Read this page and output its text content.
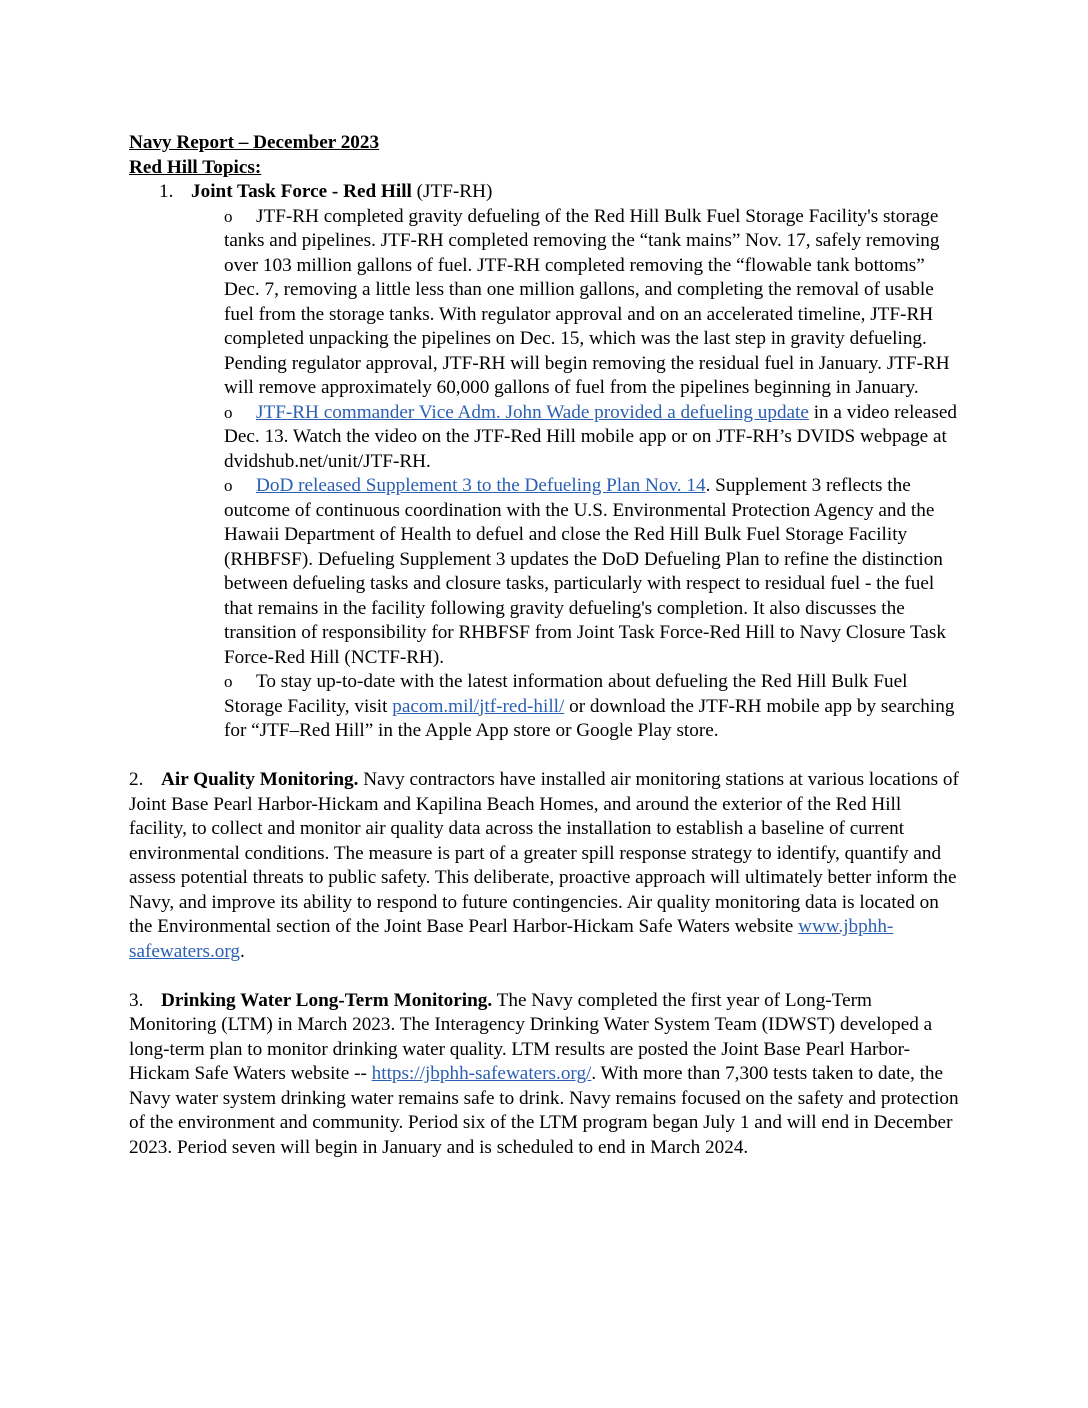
Navy Report – December 2023

Red Hill Topics:

1. Joint Task Force - Red Hill (JTF-RH)

o JTF-RH completed gravity defueling of the Red Hill Bulk Fuel Storage Facility's storage tanks and pipelines. JTF-RH completed removing the “tank mains” Nov. 17, safely removing over 103 million gallons of fuel. JTF-RH completed removing the “flowable tank bottoms” Dec. 7, removing a little less than one million gallons, and completing the removal of usable fuel from the storage tanks. With regulator approval and on an accelerated timeline, JTF-RH completed unpacking the pipelines on Dec. 15, which was the last step in gravity defueling. Pending regulator approval, JTF-RH will begin removing the residual fuel in January. JTF-RH will remove approximately 60,000 gallons of fuel from the pipelines beginning in January.
o JTF-RH commander Vice Adm. John Wade provided a defueling update in a video released Dec. 13. Watch the video on the JTF-Red Hill mobile app or on JTF-RH’s DVIDS webpage at dvidshub.net/unit/JTF-RH.
o DoD released Supplement 3 to the Defueling Plan Nov. 14. Supplement 3 reflects the outcome of continuous coordination with the U.S. Environmental Protection Agency and the Hawaii Department of Health to defuel and close the Red Hill Bulk Fuel Storage Facility (RHBFSF). Defueling Supplement 3 updates the DoD Defueling Plan to refine the distinction between defueling tasks and closure tasks, particularly with respect to residual fuel - the fuel that remains in the facility following gravity defueling's completion. It also discusses the transition of responsibility for RHBFSF from Joint Task Force-Red Hill to Navy Closure Task Force-Red Hill (NCTF-RH).
o To stay up-to-date with the latest information about defueling the Red Hill Bulk Fuel Storage Facility, visit pacom.mil/jtf-red-hill/ or download the JTF-RH mobile app by searching for “JTF–Red Hill” in the Apple App store or Google Play store.

2. Air Quality Monitoring. Navy contractors have installed air monitoring stations at various locations of Joint Base Pearl Harbor-Hickam and Kapilina Beach Homes, and around the exterior of the Red Hill facility, to collect and monitor air quality data across the installation to establish a baseline of current environmental conditions. The measure is part of a greater spill response strategy to identify, quantify and assess potential threats to public safety. This deliberate, proactive approach will ultimately better inform the Navy, and improve its ability to respond to future contingencies. Air quality monitoring data is located on the Environmental section of the Joint Base Pearl Harbor-Hickam Safe Waters website www.jbphh-safewaters.org.

3. Drinking Water Long-Term Monitoring. The Navy completed the first year of Long-Term Monitoring (LTM) in March 2023. The Interagency Drinking Water System Team (IDWST) developed a long-term plan to monitor drinking water quality. LTM results are posted the Joint Base Pearl Harbor-Hickam Safe Waters website -- https://jbphh-safewaters.org/. With more than 7,300 tests taken to date, the Navy water system drinking water remains safe to drink. Navy remains focused on the safety and protection of the environment and community. Period six of the LTM program began July 1 and will end in December 2023. Period seven will begin in January and is scheduled to end in March 2024.
